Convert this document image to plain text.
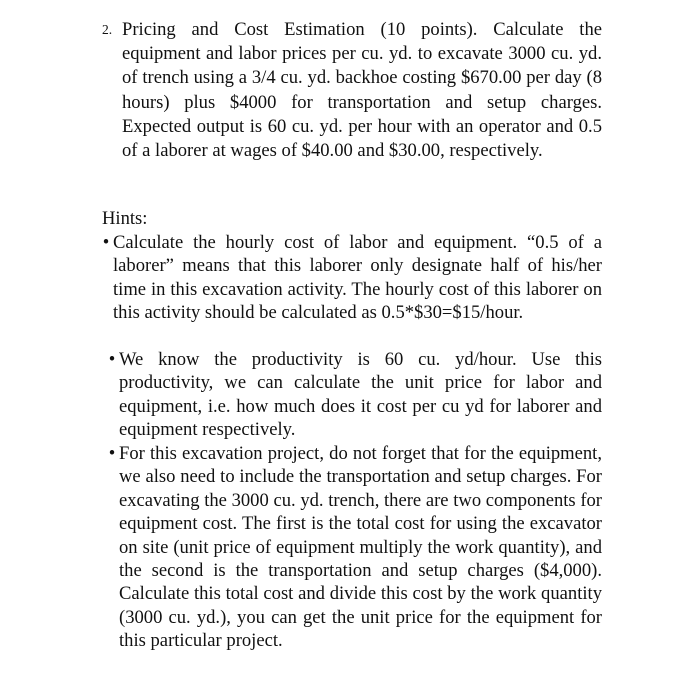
2. Pricing and Cost Estimation (10 points). Calculate the equipment and labor prices per cu. yd. to excavate 3000 cu. yd. of trench using a 3/4 cu. yd. backhoe costing $670.00 per day (8 hours) plus $4000 for transportation and setup charges. Expected output is 60 cu. yd. per hour with an operator and 0.5 of a laborer at wages of $40.00 and $30.00, respectively.
Hints:
• Calculate the hourly cost of labor and equipment. “0.5 of a laborer” means that this laborer only designate half of his/her time in this excavation activity. The hourly cost of this laborer on this activity should be calculated as 0.5*$30=$15/hour.
• We know the productivity is 60 cu. yd/hour. Use this productivity, we can calculate the unit price for labor and equipment, i.e. how much does it cost per cu yd for laborer and equipment respectively.
• For this excavation project, do not forget that for the equipment, we also need to include the transportation and setup charges. For excavating the 3000 cu. yd. trench, there are two components for equipment cost. The first is the total cost for using the excavator on site (unit price of equipment multiply the work quantity), and the second is the transportation and setup charges ($4,000). Calculate this total cost and divide this cost by the work quantity (3000 cu. yd.), you can get the unit price for the equipment for this particular project.
